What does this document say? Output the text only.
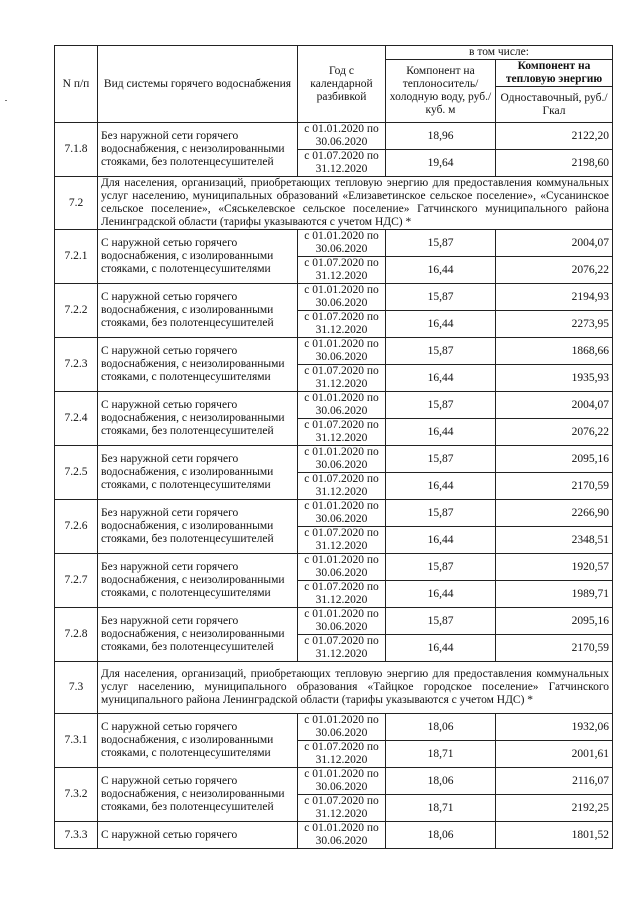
N п/п	Вид системы горячего водоснабжения	Год с календарной разбивкой	в том числе:	
			Компонент на теплоноситель/ холодную воду, руб./куб. м	Компонент на тепловую энергию
				Одноставочный, руб./Гкал
7.1.8	Без наружной сети горячего водоснабжения, с неизолированными стояками, без полотенцесушителей	с 01.01.2020 по 30.06.2020	18,96	2122,20
		с 01.07.2020 по 31.12.2020	19,64	2198,60
7.2	Для населения, организаций, приобретающих тепловую энергию для предоставления коммунальных услуг населению, муниципальных образований «Елизаветинское сельское поселение», «Сусанинское сельское поселение», «Сяськелевское сельское поселение» Гатчинского муниципального района Ленинградской области (тарифы указываются с учетом НДС) *			
7.2.1	С наружной сетью горячего водоснабжения, с изолированными стояками, с полотенцесушителями	с 01.01.2020 по 30.06.2020	15,87	2004,07
		с 01.07.2020 по 31.12.2020	16,44	2076,22
7.2.2	С наружной сетью горячего водоснабжения, с изолированными стояками, без полотенцесушителей	с 01.01.2020 по 30.06.2020	15,87	2194,93
		с 01.07.2020 по 31.12.2020	16,44	2273,95
7.2.3	С наружной сетью горячего водоснабжения, с неизолированными стояками, с полотенцесушителями	с 01.01.2020 по 30.06.2020	15,87	1868,66
		с 01.07.2020 по 31.12.2020	16,44	1935,93
7.2.4	С наружной сетью горячего водоснабжения, с неизолированными стояками, без полотенцесушителей	с 01.01.2020 по 30.06.2020	15,87	2004,07
		с 01.07.2020 по 31.12.2020	16,44	2076,22
7.2.5	Без наружной сети горячего водоснабжения, с изолированными стояками, с полотенцесушителями	с 01.01.2020 по 30.06.2020	15,87	2095,16
		с 01.07.2020 по 31.12.2020	16,44	2170,59
7.2.6	Без наружной сети горячего водоснабжения, с изолированными стояками, без полотенцесушителей	с 01.01.2020 по 30.06.2020	15,87	2266,90
		с 01.07.2020 по 31.12.2020	16,44	2348,51
7.2.7	Без наружной сети горячего водоснабжения, с неизолированными стояками, с полотенцесушителями	с 01.01.2020 по 30.06.2020	15,87	1920,57
		с 01.07.2020 по 31.12.2020	16,44	1989,71
7.2.8	Без наружной сети горячего водоснабжения, с неизолированными стояками, без полотенцесушителей	с 01.01.2020 по 30.06.2020	15,87	2095,16
		с 01.07.2020 по 31.12.2020	16,44	2170,59
7.3	Для населения, организаций, приобретающих тепловую энергию для предоставления коммунальных услуг населению, муниципального образования «Тайцкое городское поселение» Гатчинского муниципального района Ленинградской области (тарифы указываются с учетом НДС) *			
7.3.1	С наружной сетью горячего водоснабжения, с изолированными стояками, с полотенцесушителями	с 01.01.2020 по 30.06.2020	18,06	1932,06
		с 01.07.2020 по 31.12.2020	18,71	2001,61
7.3.2	С наружной сетью горячего водоснабжения, с неизолированными стояками, без полотенцесушителей	с 01.01.2020 по 30.06.2020	18,06	2116,07
		с 01.07.2020 по 31.12.2020	18,71	2192,25
7.3.3	С наружной сетью горячего	с 01.01.2020 по 30.06.2020	18,06	1801,52
